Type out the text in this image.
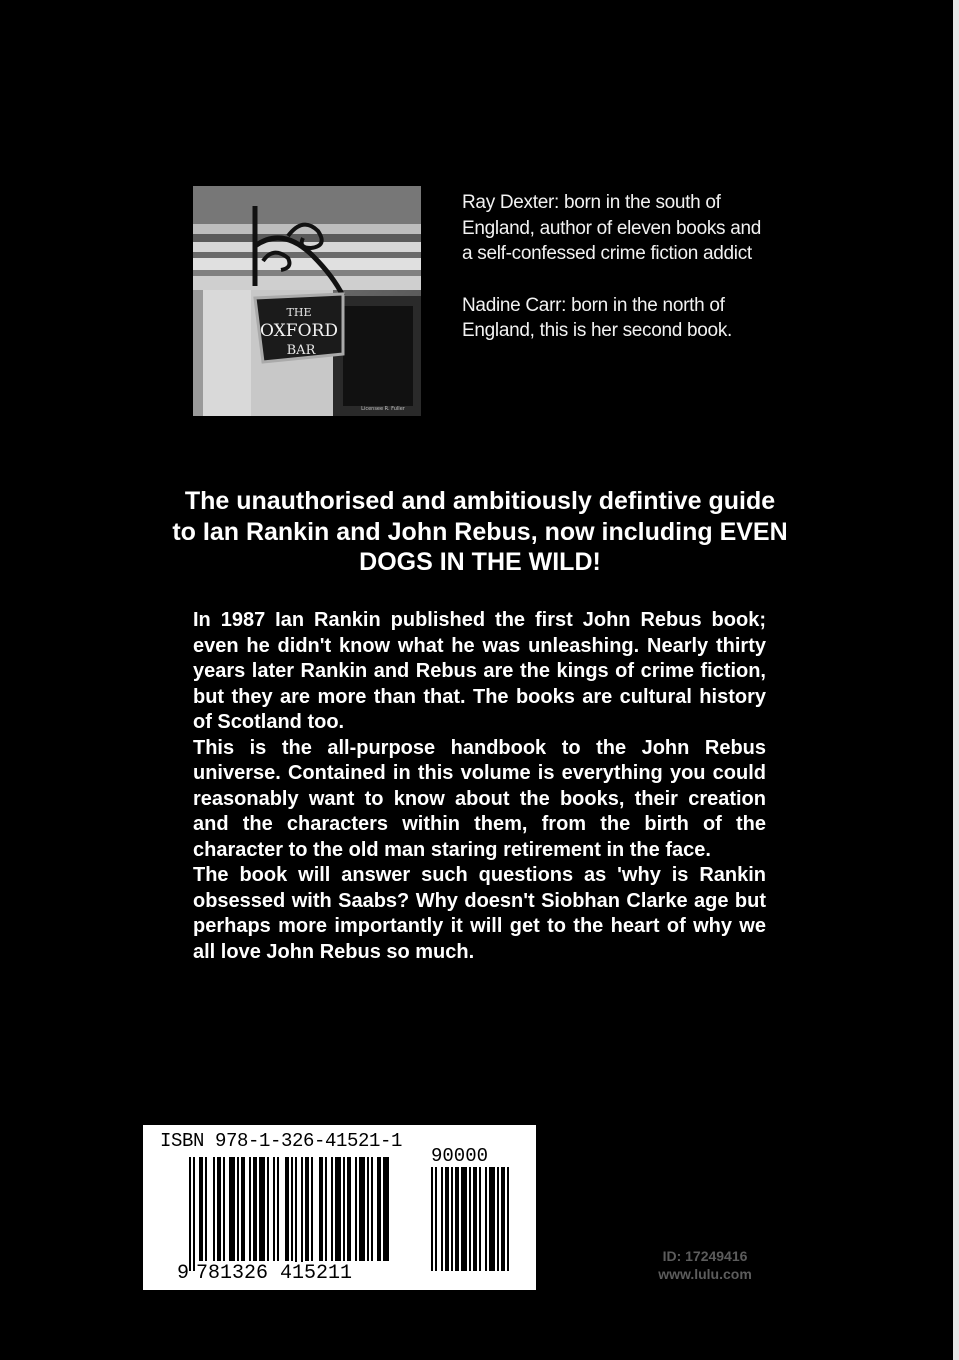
THE
OXFORD
BAR
Licensee R. Fuller

Ray Dexter: born in the south of England, author of eleven books and a self-confessed crime fiction addict

Nadine Carr: born in the north of England, this is her second book.

The unauthorised and ambitiously defintive guide to Ian Rankin and John Rebus, now including EVEN DOGS IN THE WILD!

In 1987 Ian Rankin published the first John Rebus book; even he didn't know what he was unleashing. Nearly thirty years later Rankin and Rebus are the kings of crime fiction, but they are more than that. The books are cultural history of Scotland too.

This is the all-purpose handbook to the John Rebus universe. Contained in this volume is everything you could reasonably want to know about the books, their creation and the characters within them, from the birth of the character to the old man staring retirement in the face.

The book will answer such questions as 'why is Rankin obsessed with Saabs? Why doesn't Siobhan Clarke age but perhaps more importantly it will get to the heart of why we all love John Rebus so much.

ISBN 978-1-326-41521-1
90000
9 781326 415211
ID: 17249416
www.lulu.com
